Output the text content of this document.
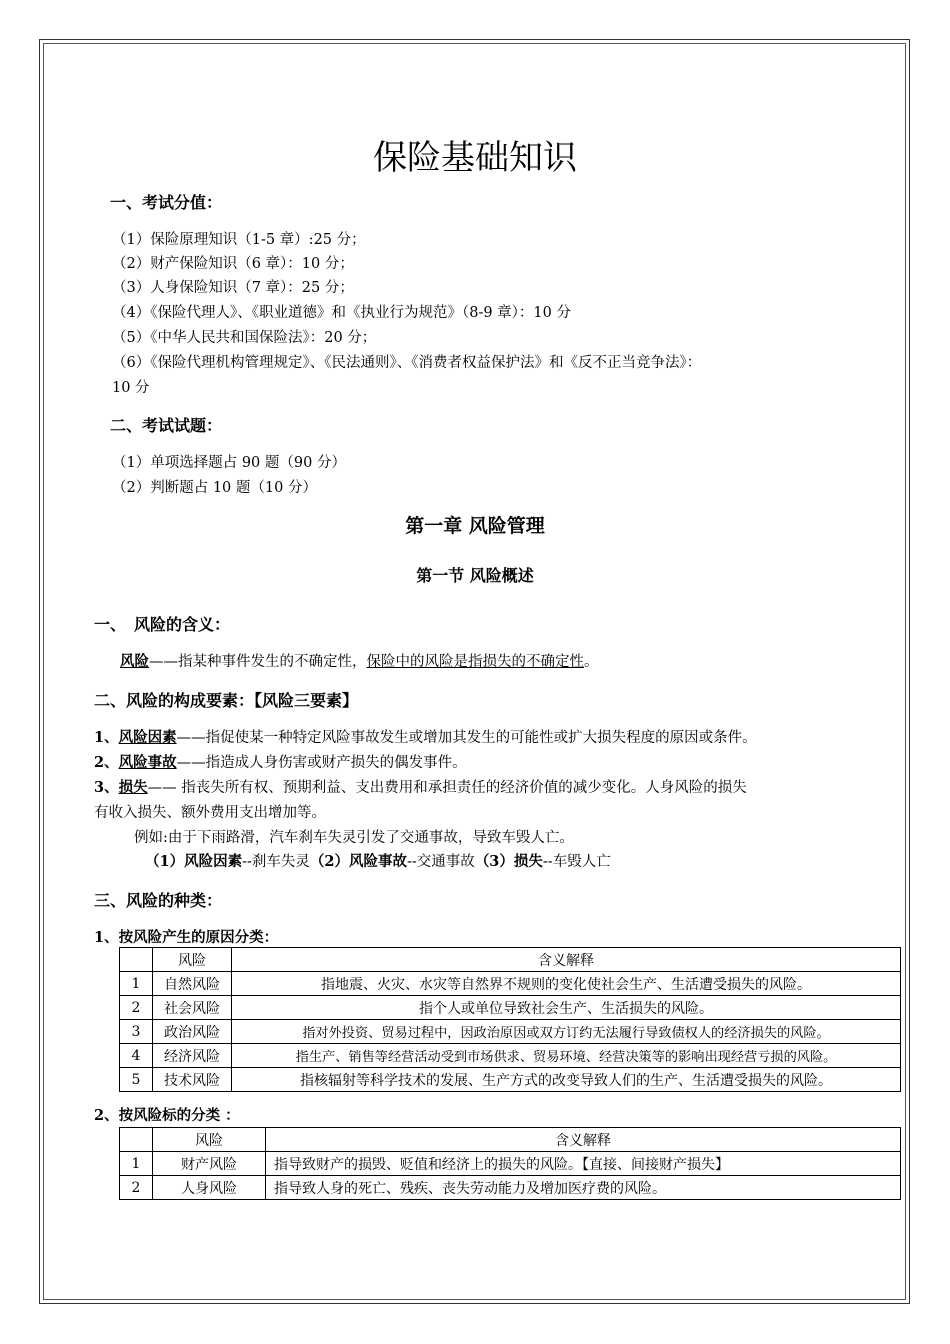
保险基础知识
一、考试分值：
（1）保险原理知识（1-5 章）:25 分；
（2）财产保险知识（6 章）：10 分；
（3）人身保险知识（7 章）：25 分；
（4）《保险代理人》、《职业道德》和《执业行为规范》（8-9 章）：10 分
（5）《中华人民共和国保险法》：20 分；
（6）《保险代理机构管理规定》、《民法通则》、《消费者权益保护法》和《反不正当竞争法》：
10 分
二、考试试题：
（1）单项选择题占 90 题（90 分）
（2）判断题占 10 题（10 分）
第一章 风险管理
第一节 风险概述
一、　风险的含义：
风险——指某种事件发生的不确定性，保险中的风险是指损失的不确定性。
二、风险的构成要素：【风险三要素】
1、风险因素——指促使某一种特定风险事故发生或增加其发生的可能性或扩大损失程度的原因或条件。
2、风险事故——指造成人身伤害或财产损失的偶发事件。
3、损失—— 指丧失所有权、预期利益、支出费用和承担责任的经济价值的减少变化。人身风险的损失
有收入损失、额外费用支出增加等。
例如:由于下雨路滑，汽车刹车失灵引发了交通事故，导致车毁人亡。
（1）风险因素--刹车失灵（2）风险事故--交通事故（3）损失--车毁人亡
三、风险的种类：
1、按风险产生的原因分类：
	风险	含义解释
1	自然风险	指地震、火灾、水灾等自然界不规则的变化使社会生产、生活遭受损失的风险。
2	社会风险	指个人或单位导致社会生产、生活损失的风险。
3	政治风险	指对外投资、贸易过程中，因政治原因或双方订约无法履行导致债权人的经济损失的风险。
4	经济风险	指生产、销售等经营活动受到市场供求、贸易环境、经营决策等的影响出现经营亏损的风险。
5	技术风险	指核辐射等科学技术的发展、生产方式的改变导致人们的生产、生活遭受损失的风险。
2、按风险标的分类 ：
	风险	含义解释
1	财产风险	指导致财产的损毁、贬值和经济上的损失的风险。【直接、间接财产损失】
2	人身风险	指导致人身的死亡、残疾、丧失劳动能力及增加医疗费的风险。
